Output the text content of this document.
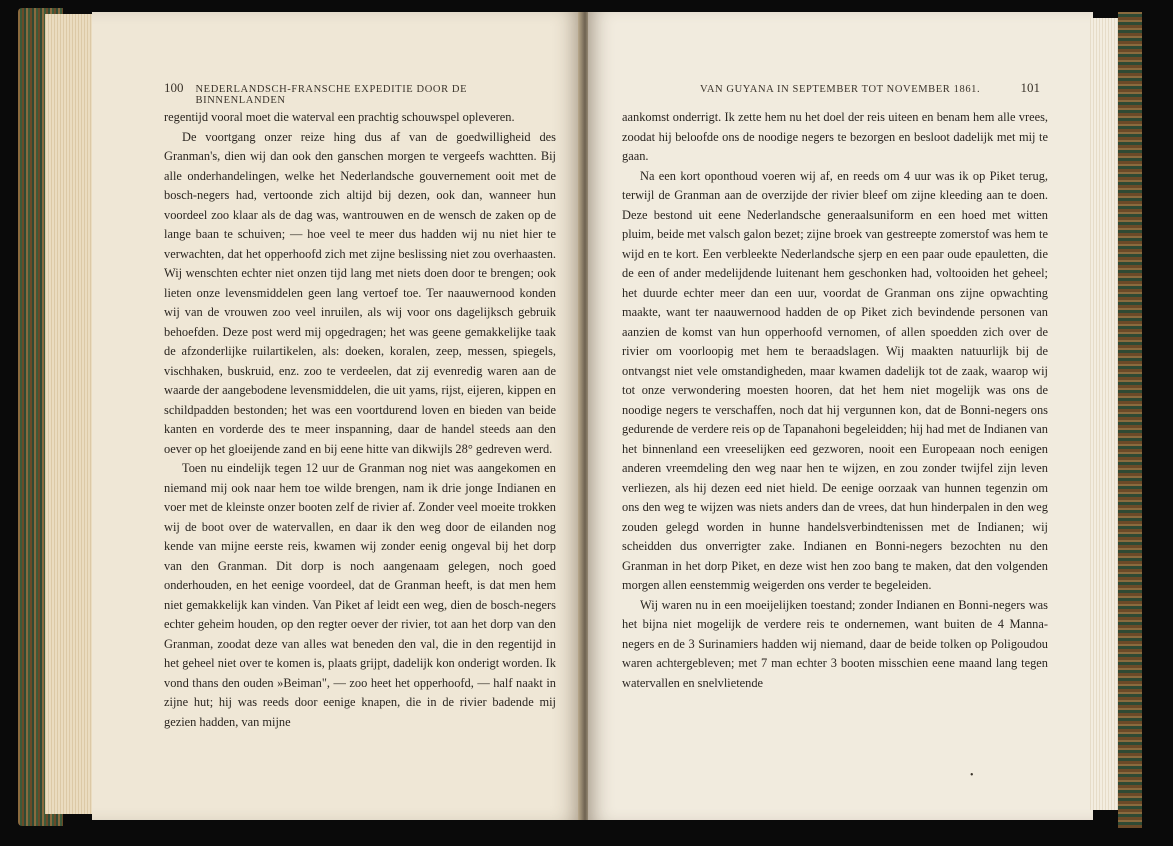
100 NEDERLANDSCH-FRANSCHE EXPEDITIE DOOR DE BINNENLANDEN

regentijd vooral moet die waterval een prachtig schouwspel opleveren.

De voortgang onzer reize hing dus af van de goedwilligheid des Granman's, dien wij dan ook den ganschen morgen te vergeefs wachtten. Bij alle onderhandelingen, welke het Nederlandsche gouvernement ooit met de bosch-negers had, vertoonde zich altijd bij dezen, ook dan, wanneer hun voordeel zoo klaar als de dag was, wantrouwen en de wensch de zaken op de lange baan te schuiven; — hoe veel te meer dus hadden wij nu niet hier te verwachten, dat het opperhoofd zich met zijne beslissing niet zou overhaasten. Wij wenschten echter niet onzen tijd lang met niets doen door te brengen; ook lieten onze levensmiddelen geen lang vertoef toe. Ter naauwernood konden wij van de vrouwen zoo veel inruilen, als wij voor ons dagelijksch gebruik behoefden. Deze post werd mij opgedragen; het was geene gemakkelijke taak de afzonderlijke ruilartikelen, als: doeken, koralen, zeep, messen, spiegels, vischhaken, buskruid, enz. zoo te verdeelen, dat zij evenredig waren aan de waarde der aangebodene levensmiddelen, die uit yams, rijst, eijeren, kippen en schildpadden bestonden; het was een voortdurend loven en bieden van beide kanten en vorderde des te meer inspanning, daar de handel steeds aan den oever op het gloeijende zand en bij eene hitte van dikwijls 28° gedreven werd.

Toen nu eindelijk tegen 12 uur de Granman nog niet was aangekomen en niemand mij ook naar hem toe wilde brengen, nam ik drie jonge Indianen en voer met de kleinste onzer booten zelf de rivier af. Zonder veel moeite trokken wij de boot over de watervallen, en daar ik den weg door de eilanden nog kende van mijne eerste reis, kwamen wij zonder eenig ongeval bij het dorp van den Granman. Dit dorp is noch aangenaam gelegen, noch goed onderhouden, en het eenige voordeel, dat de Granman heeft, is dat men hem niet gemakkelijk kan vinden. Van Piket af leidt een weg, dien de bosch-negers echter geheim houden, op den regter oever der rivier, tot aan het dorp van den Granman, zoodat deze van alles wat beneden den val, die in den regentijd in het geheel niet over te komen is, plaats grijpt, dadelijk kon onderigt worden. Ik vond thans den ouden »Beiman", — zoo heet het opperhoofd, — half naakt in zijne hut; hij was reeds door eenige knapen, die in de rivier badende mij gezien hadden, van mijne

VAN GUYANA IN SEPTEMBER TOT NOVEMBER 1861.	101

aankomst onderrigt. Ik zette hem nu het doel der reis uiteen en benam hem alle vrees, zoodat hij beloofde ons de noodige negers te bezorgen en besloot dadelijk met mij te gaan.

Na een kort oponthoud voeren wij af, en reeds om 4 uur was ik op Piket terug, terwijl de Granman aan de overzijde der rivier bleef om zijne kleeding aan te doen. Deze bestond uit eene Nederlandsche generaalsuniform en een hoed met witten pluim, beide met valsch galon bezet; zijne broek van gestreepte zomerstof was hem te wijd en te kort. Een verbleekte Nederlandsche sjerp en een paar oude epauletten, die de een of ander medelijdende luitenant hem geschonken had, voltooiden het geheel; het duurde echter meer dan een uur, voordat de Granman ons zijne opwachting maakte, want ter naauwernood hadden de op Piket zich bevindende personen van aanzien de komst van hun opperhoofd vernomen, of allen spoedden zich over de rivier om voorloopig met hem te beraadslagen. Wij maakten natuurlijk bij de ontvangst niet vele omstandigheden, maar kwamen dadelijk tot de zaak, waarop wij tot onze verwondering moesten hooren, dat het hem niet mogelijk was ons de noodige negers te verschaffen, noch dat hij vergunnen kon, dat de Bonni-negers ons gedurende de verdere reis op de Tapanahoni begeleidden; hij had met de Indianen van het binnenland een vreeselijken eed gezworen, nooit een Europeaan noch eenigen anderen vreemdeling den weg naar hen te wijzen, en zou zonder twijfel zijn leven verliezen, als hij dezen eed niet hield. De eenige oorzaak van hunnen tegenzin om ons den weg te wijzen was niets anders dan de vrees, dat hun hinderpalen in den weg zouden gelegd worden in hunne handelsverbindtenissen met de Indianen; wij scheidden dus onverrigter zake. Indianen en Bonni-negers bezochten nu den Granman in het dorp Piket, en deze wist hen zoo bang te maken, dat den volgenden morgen allen eenstemmig weigerden ons verder te begeleiden.

Wij waren nu in een moeijelijken toestand; zonder Indianen en Bonni-negers was het bijna niet mogelijk de verdere reis te ondernemen, want buiten de 4 Manna-negers en de 3 Surinamiers hadden wij niemand, daar de beide tolken op Poligoudou waren achtergebleven; met 7 man echter 3 booten misschien eene maand lang tegen watervallen en snelvlietende

•
